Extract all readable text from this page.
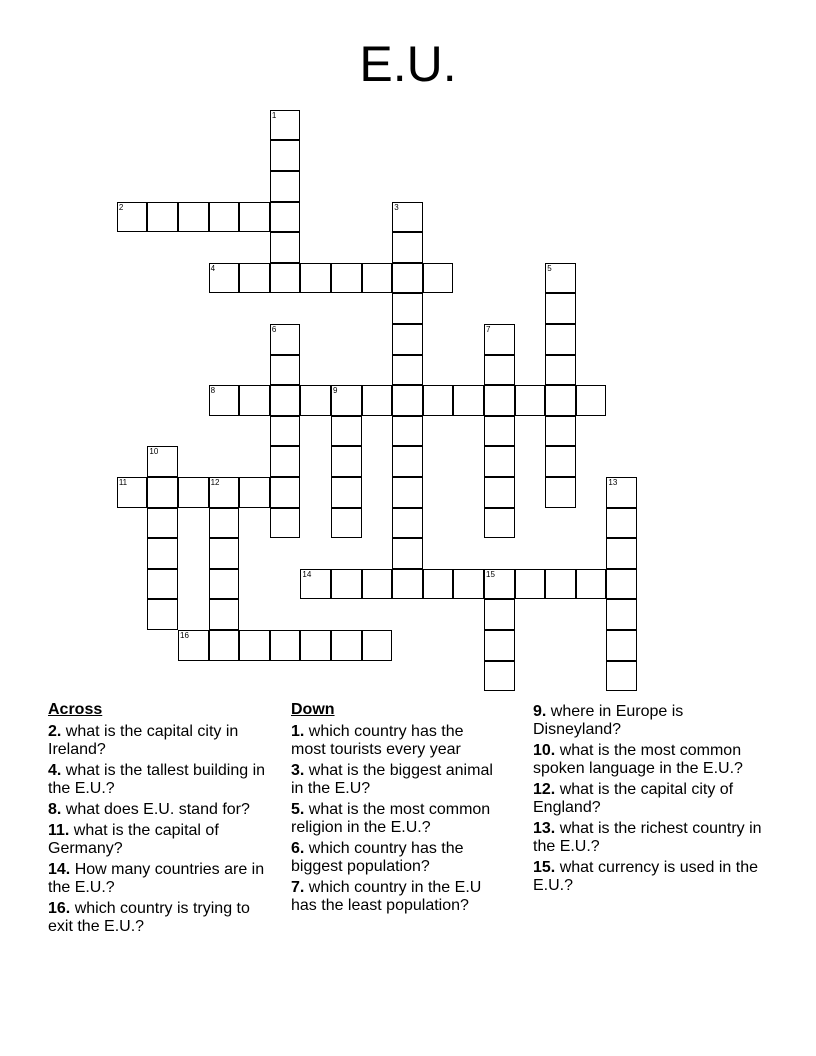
E.U.
1
2	3
4	5
6	7
8	9
10
11	12	13
14	15
16
Across
2. what is the capital city in Ireland?
4. what is the tallest building in the E.U.?
8. what does E.U. stand for?
11. what is the capital of Germany?
14. How many countries are in the E.U.?
16. which country is trying to exit the E.U.?
Down
1. which country has the most tourists every year
3. what is the biggest animal in the E.U?
5. what is the most common religion in the E.U.?
6. which country has the biggest population?
7. which country in the E.U has the least population?
9. where in Europe is Disneyland?
10. what is the most common spoken language in the E.U.?
12. what is the capital city of England?
13. what is the richest country in the E.U.?
15. what currency is used in the E.U.?
